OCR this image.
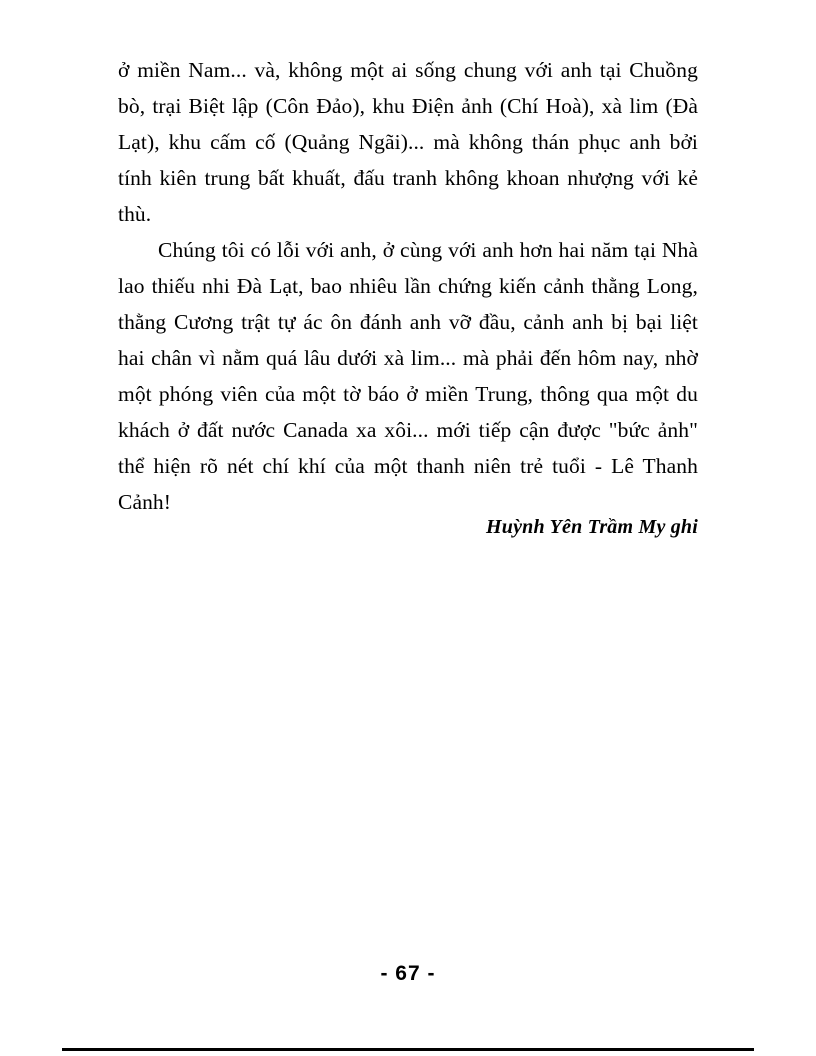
ở miền Nam... và, không một ai sống chung với anh tại Chuồng bò, trại Biệt lập (Côn Đảo), khu Điện ảnh (Chí Hoà), xà lim (Đà Lạt), khu cấm cố (Quảng Ngãi)... mà không thán phục anh bởi tính kiên trung bất khuất, đấu tranh không khoan nhượng với kẻ thù.

Chúng tôi có lỗi với anh, ở cùng với anh hơn hai năm tại Nhà lao thiếu nhi Đà Lạt, bao nhiêu lần chứng kiến cảnh thằng Long, thằng Cương trật tự ác ôn đánh anh vỡ đầu, cảnh anh bị bại liệt hai chân vì nằm quá lâu dưới xà lim... mà phải đến hôm nay, nhờ một phóng viên của một tờ báo ở miền Trung, thông qua một du khách ở đất nước Canada xa xôi... mới tiếp cận được "bức ảnh" thể hiện rõ nét chí khí của một thanh niên trẻ tuổi - Lê Thanh Cảnh!

Huỳnh Yên Trầm My ghi
- 67 -
